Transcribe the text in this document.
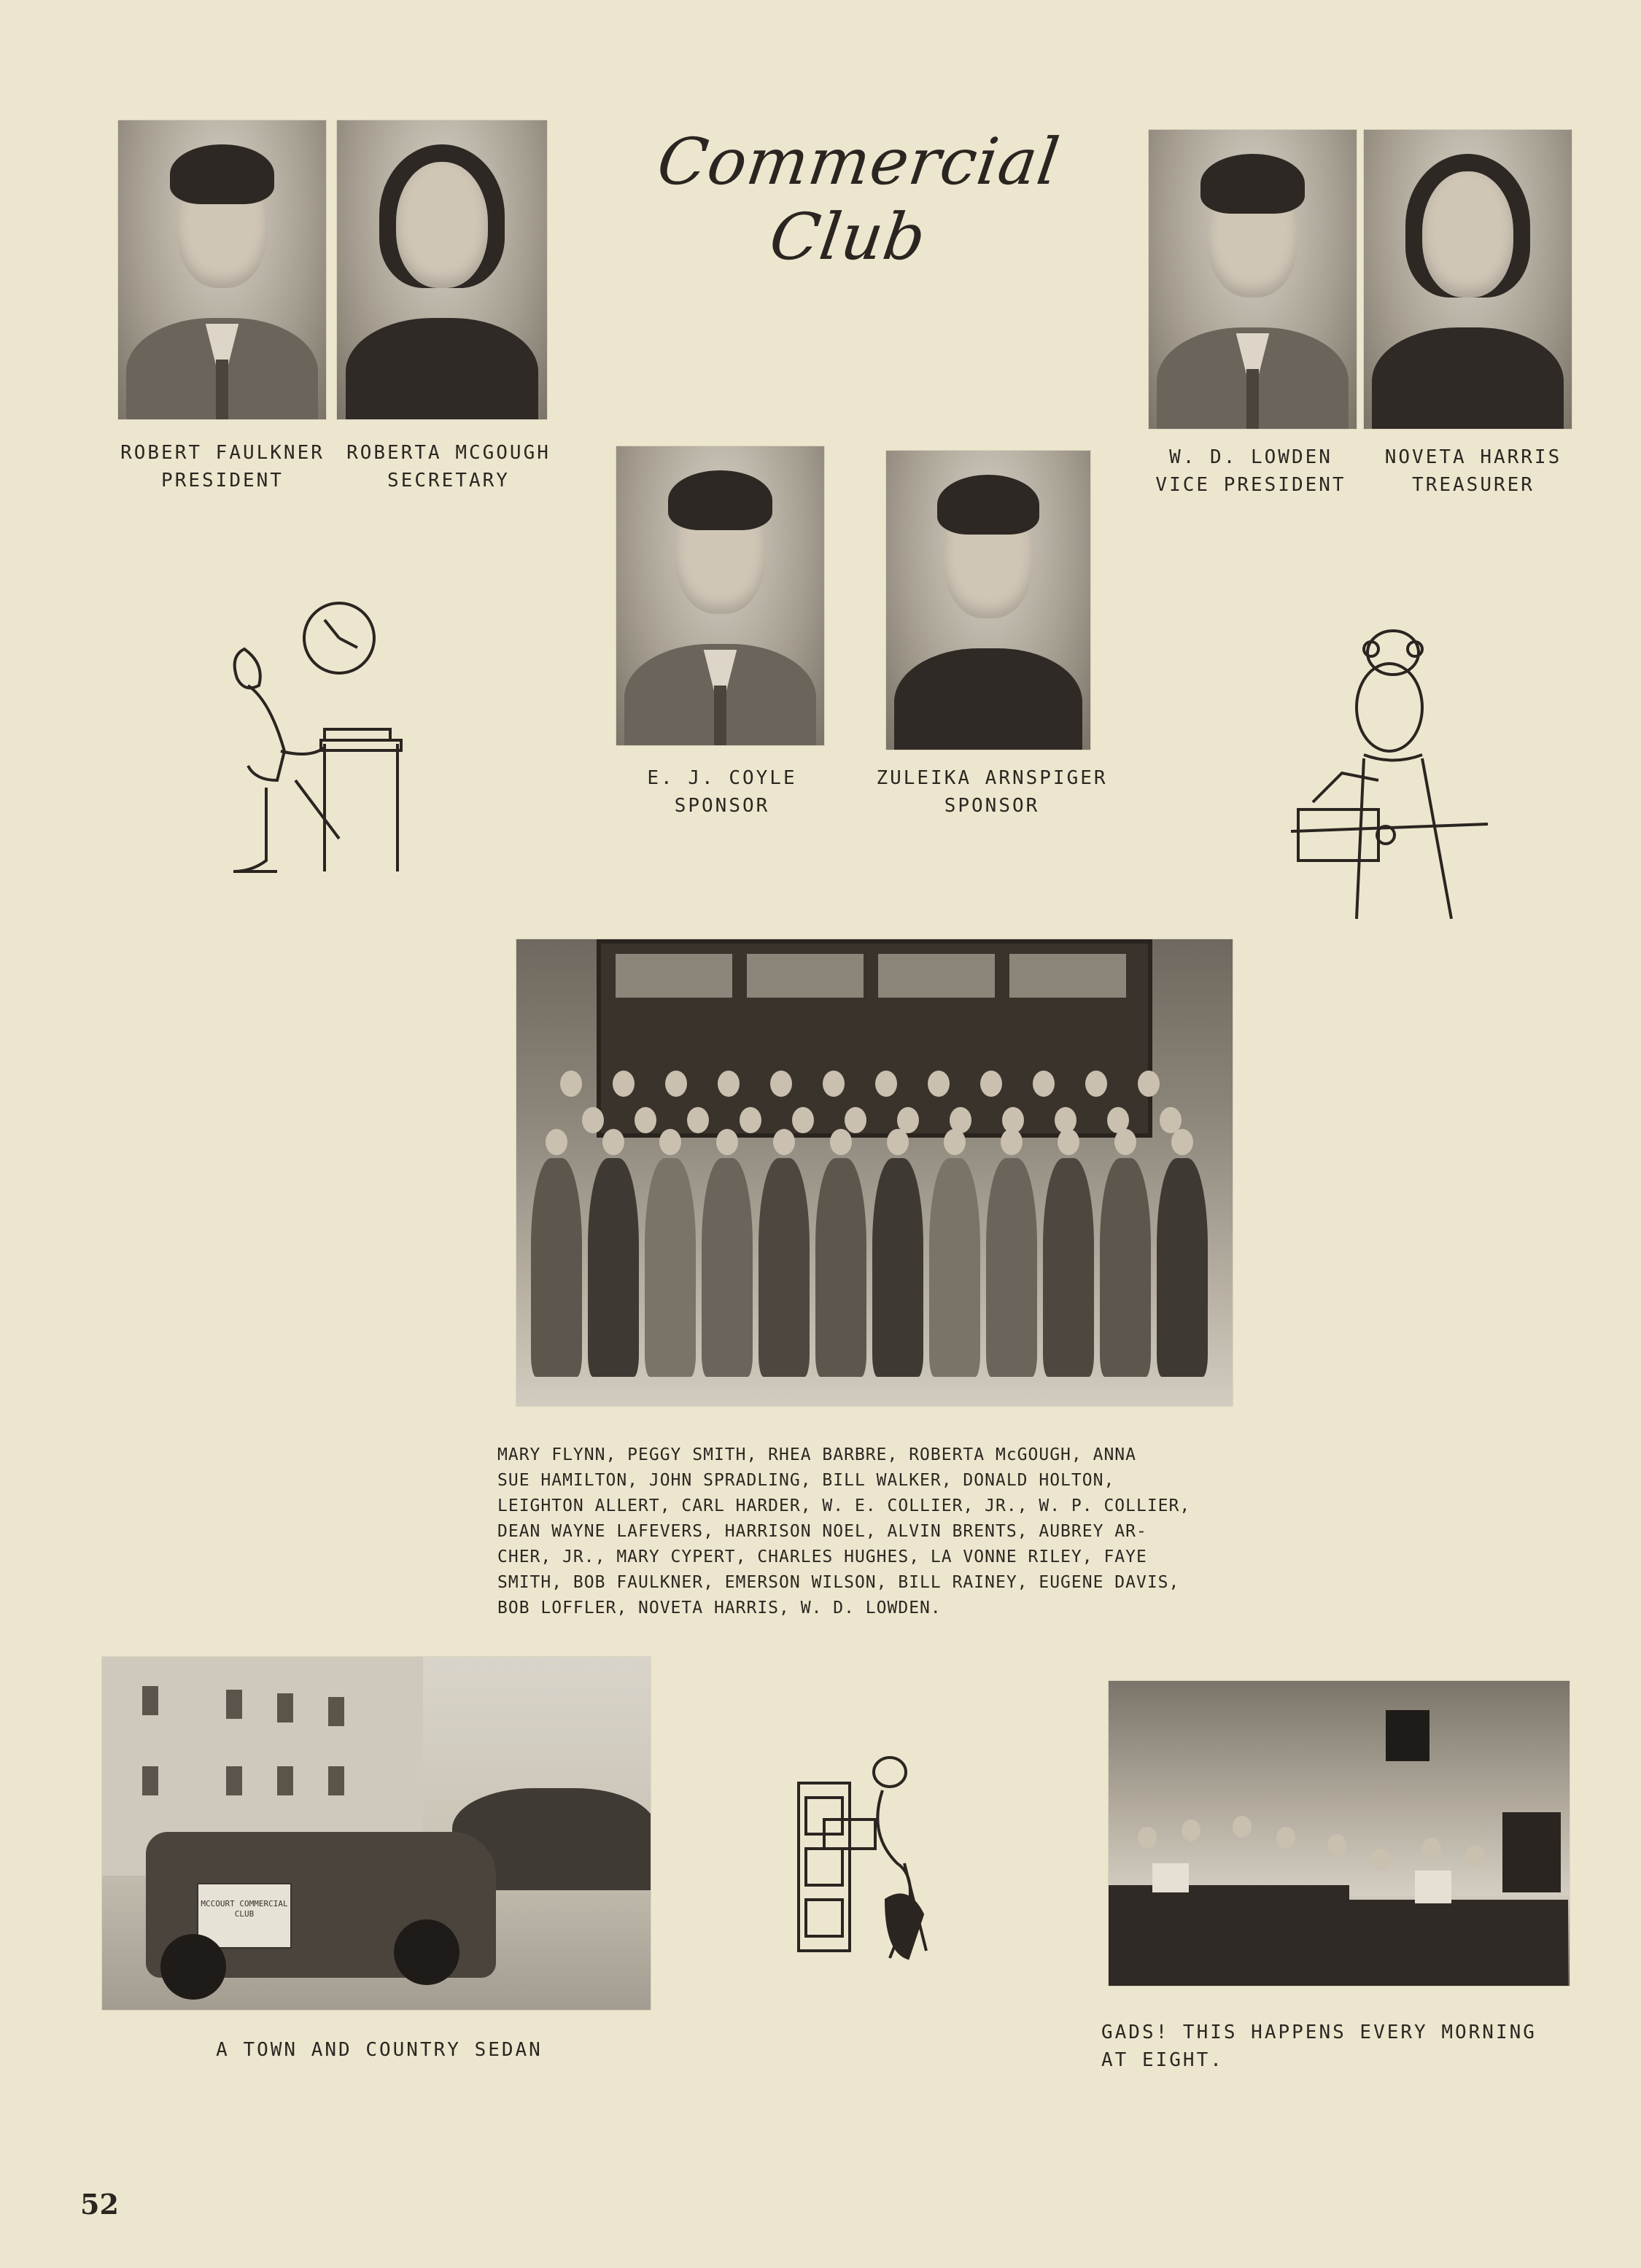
Commercial Club
ROBERT FAULKNER
PRESIDENT
ROBERTA MCGOUGH
SECRETARY
W. D. LOWDEN
VICE PRESIDENT
NOVETA HARRIS
TREASURER
E. J. COYLE
SPONSOR
ZULEIKA ARNSPIGER
SPONSOR
MARY FLYNN, PEGGY SMITH, RHEA BARBRE, ROBERTA McGOUGH, ANNA
SUE HAMILTON, JOHN SPRADLING, BILL WALKER, DONALD HOLTON,
LEIGHTON ALLERT, CARL HARDER, W. E. COLLIER, JR., W. P. COLLIER,
DEAN WAYNE LAFEVERS, HARRISON NOEL, ALVIN BRENTS, AUBREY AR-
CHER, JR., MARY CYPERT, CHARLES HUGHES, LA VONNE RILEY, FAYE
SMITH, BOB FAULKNER, EMERSON WILSON, BILL RAINEY, EUGENE DAVIS,
BOB LOFFLER, NOVETA HARRIS, W. D. LOWDEN.
MCCOURT COMMERCIAL CLUB
A TOWN AND COUNTRY SEDAN
GADS! THIS HAPPENS EVERY MORNING
AT EIGHT.
52
